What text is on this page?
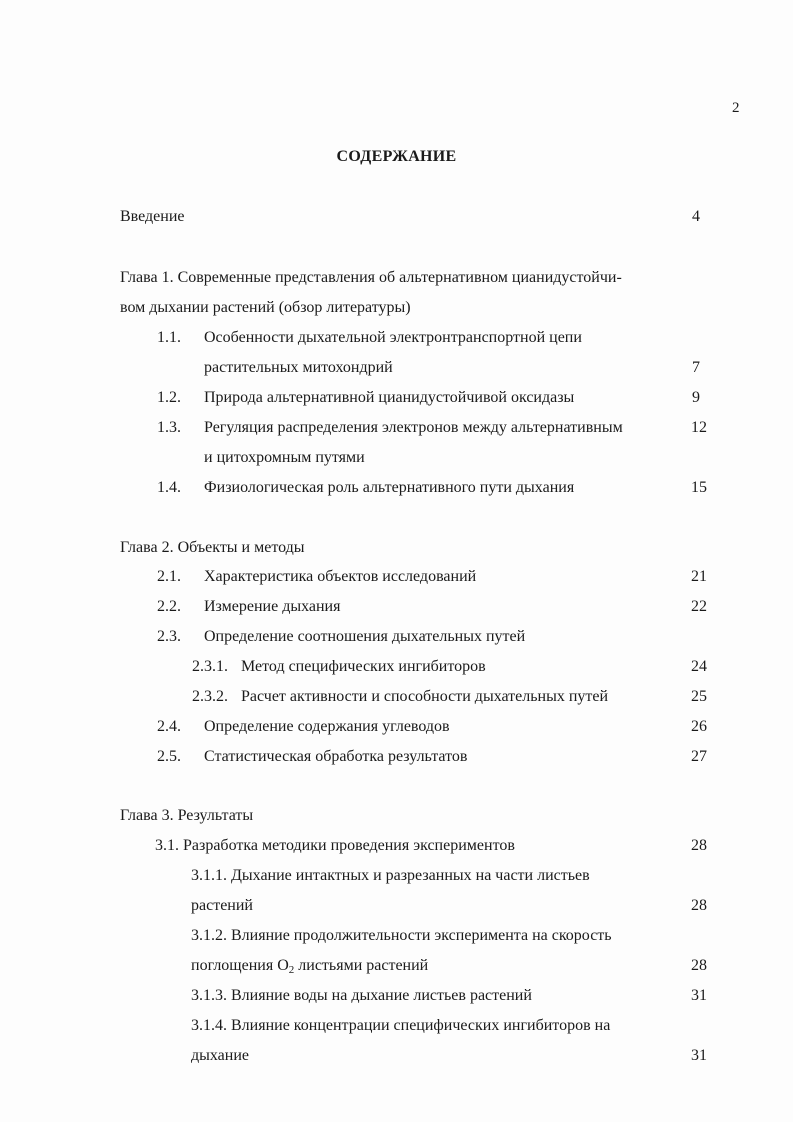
2
СОДЕРЖАНИЕ
Введение	4
Глава 1. Современные представления об альтернативном цианидустойчи-
вом дыхании растений (обзор литературы)
1.1. Особенности дыхательной электронтранспортной цепи
растительных митохондрий	7
1.2. Природа альтернативной цианидустойчивой оксидазы	9
1.3. Регуляция распределения электронов между альтернативным	12
и цитохромным путями
1.4. Физиологическая роль альтернативного пути дыхания	15
Глава 2. Объекты и методы
2.1. Характеристика объектов исследований	21
2.2. Измерение дыхания	22
2.3. Определение соотношения дыхательных путей
2.3.1. Метод специфических ингибиторов	24
2.3.2. Расчет активности и способности дыхательных путей	25
2.4. Определение содержания углеводов	26
2.5. Статистическая обработка результатов	27
Глава 3. Результаты
3.1. Разработка методики проведения экспериментов	28
3.1.1. Дыхание интактных и разрезанных на части листьев
растений	28
3.1.2. Влияние продолжительности эксперимента на скорость
поглощения $O_2$ листьями растений	28
3.1.3. Влияние воды на дыхание листьев растений	31
3.1.4. Влияние концентрации специфических ингибиторов на
дыхание	31
